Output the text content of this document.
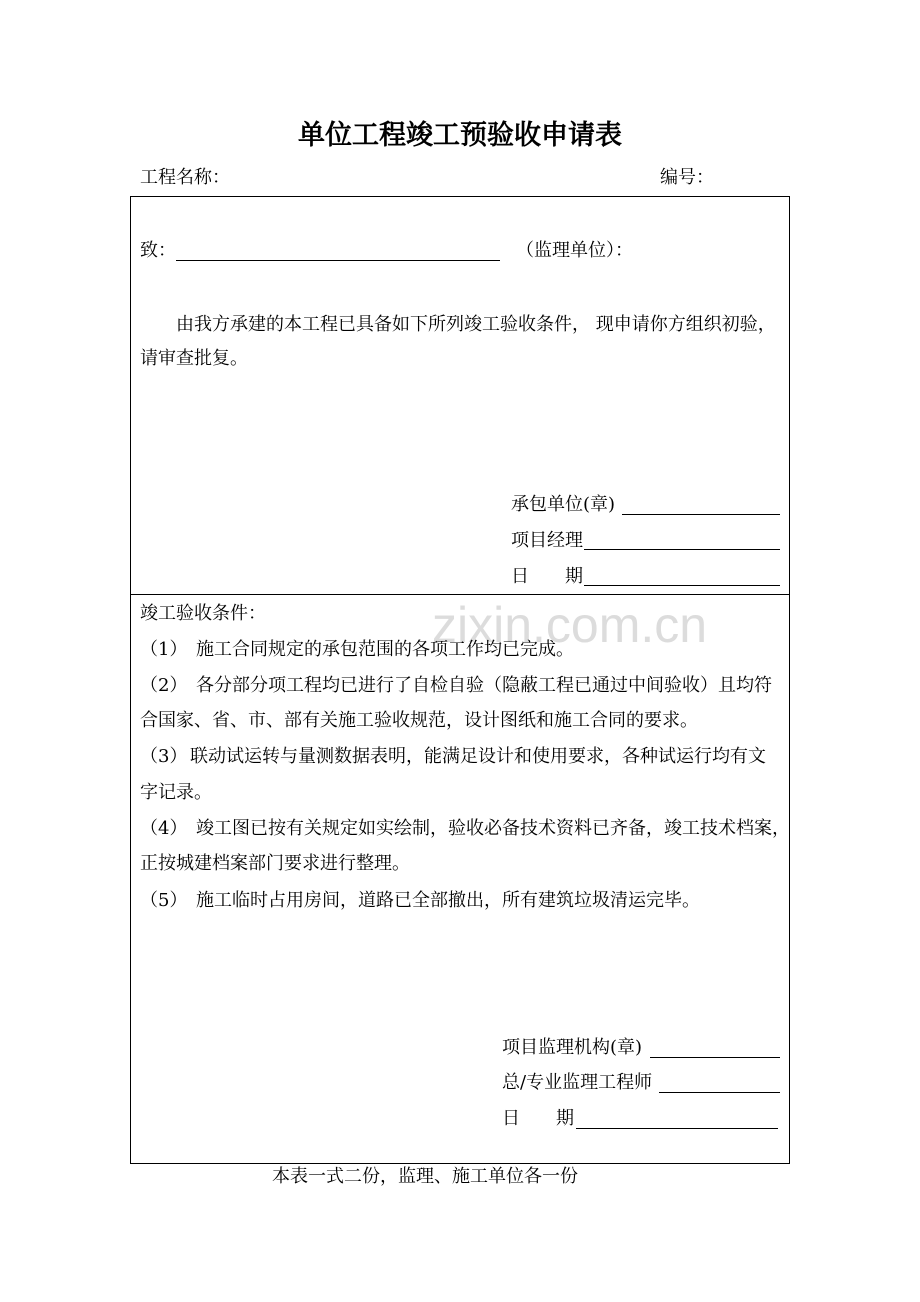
单位工程竣工预验收申请表
工程名称：	编号：
zixin.com.cn
致：	（监理单位）：
由我方承建的本工程已具备如下所列竣工验收条件， 现申请你方组织初验，
请审查批复。
承包单位(章)
项目经理
日　　期
竣工验收条件：
（1） 施工合同规定的承包范围的各项工作均已完成。
（2） 各分部分项工程均已进行了自检自验（隐蔽工程已通过中间验收）且均符
合国家、省、市、部有关施工验收规范，设计图纸和施工合同的要求。
（3） 联动试运转与量测数据表明，能满足设计和使用要求，各种试运行均有文
字记录。
（4） 竣工图已按有关规定如实绘制，验收必备技术资料已齐备，竣工技术档案，
正按城建档案部门要求进行整理。
（5） 施工临时占用房间，道路已全部撤出，所有建筑垃圾清运完毕。
项目监理机构(章)
总/专业监理工程师
日　　期
本表一式二份，监理、施工单位各一份
